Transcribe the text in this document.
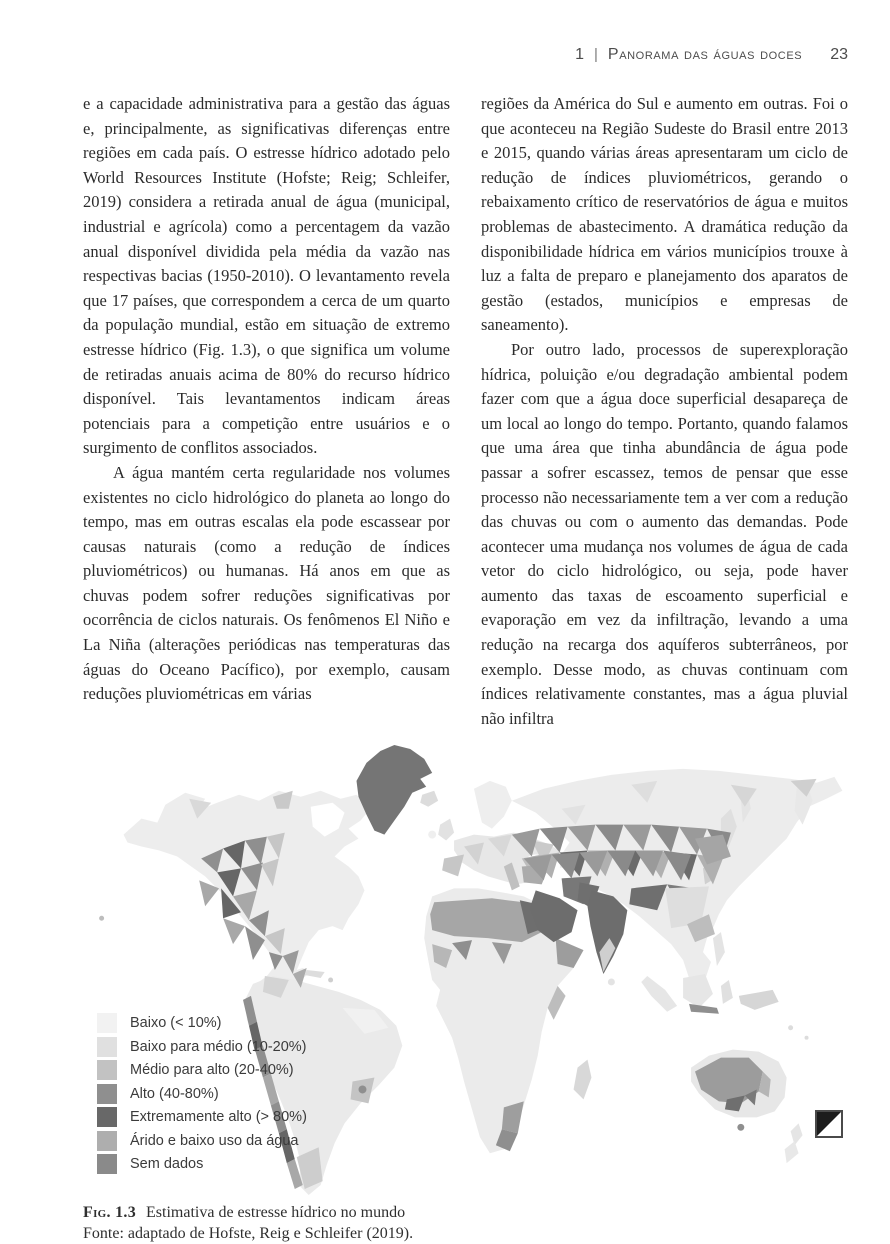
1 | Panorama das águas doces 23

e a capacidade administrativa para a gestão das águas e, principalmente, as significativas diferenças entre regiões em cada país. O estresse hídrico adotado pelo World Resources Institute (Hofste; Reig; Schleifer, 2019) considera a retirada anual de água (municipal, industrial e agrícola) como a percentagem da vazão anual disponível dividida pela média da vazão nas respectivas bacias (1950-2010). O levantamento revela que 17 países, que correspondem a cerca de um quarto da população mundial, estão em situação de extremo estresse hídrico (Fig. 1.3), o que significa um volume de retiradas anuais acima de 80% do recurso hídrico disponível. Tais levantamentos indicam áreas potenciais para a competição entre usuários e o surgimento de conflitos associados.

A água mantém certa regularidade nos volumes existentes no ciclo hidrológico do planeta ao longo do tempo, mas em outras escalas ela pode escassear por causas naturais (como a redução de índices pluviométricos) ou humanas. Há anos em que as chuvas podem sofrer reduções significativas por ocorrência de ciclos naturais. Os fenômenos El Niño e La Niña (alterações periódicas nas temperaturas das águas do Oceano Pacífico), por exemplo, causam reduções pluviométricas em várias

regiões da América do Sul e aumento em outras. Foi o que aconteceu na Região Sudeste do Brasil entre 2013 e 2015, quando várias áreas apresentaram um ciclo de redução de índices pluviométricos, gerando o rebaixamento crítico de reservatórios de água e muitos problemas de abastecimento. A dramática redução da disponibilidade hídrica em vários municípios trouxe à luz a falta de preparo e planejamento dos aparatos de gestão (estados, municípios e empresas de saneamento).

Por outro lado, processos de superexploração hídrica, poluição e/ou degradação ambiental podem fazer com que a água doce superficial desapareça de um local ao longo do tempo. Portanto, quando falamos que uma área que tinha abundância de água pode passar a sofrer escassez, temos de pensar que esse processo não necessariamente tem a ver com a redução das chuvas ou com o aumento das demandas. Pode acontecer uma mudança nos volumes de água de cada vetor do ciclo hidrológico, ou seja, pode haver aumento das taxas de escoamento superficial e evaporação em vez da infiltração, levando a uma redução na recarga dos aquíferos subterrâneos, por exemplo. Desse modo, as chuvas continuam com índices relativamente constantes, mas a água pluvial não infiltra

Baixo (< 10%)
Baixo para médio (10-20%)
Médio para alto (20-40%)
Alto (40-80%)
Extremamente alto (> 80%)
Árido e baixo uso da água
Sem dados
Fig. 1.3 Estimativa de estresse hídrico no mundo
Fonte: adaptado de Hofste, Reig e Schleifer (2019).
